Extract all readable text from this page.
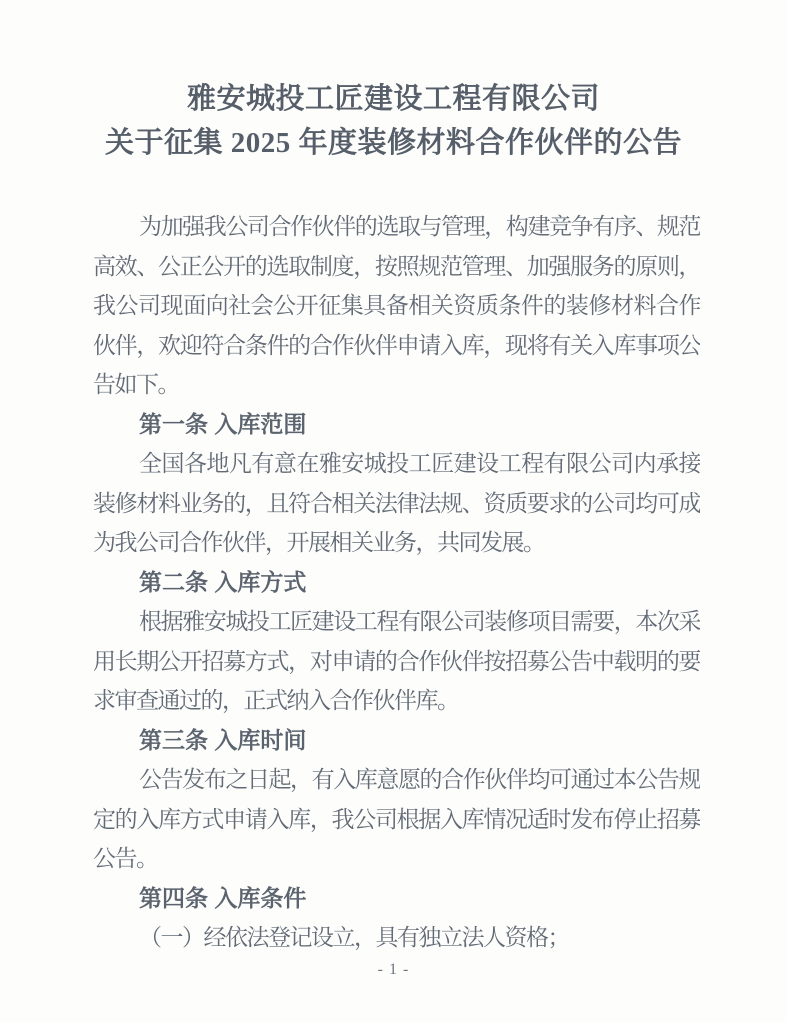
雅安城投工匠建设工程有限公司
关于征集 2025 年度装修材料合作伙伴的公告
为加强我公司合作伙伴的选取与管理，构建竞争有序、规范
高效、公正公开的选取制度，按照规范管理、加强服务的原则，
我公司现面向社会公开征集具备相关资质条件的装修材料合作
伙伴，欢迎符合条件的合作伙伴申请入库，现将有关入库事项公
告如下。
第一条 入库范围
全国各地凡有意在雅安城投工匠建设工程有限公司内承接
装修材料业务的，且符合相关法律法规、资质要求的公司均可成
为我公司合作伙伴，开展相关业务，共同发展。
第二条 入库方式
根据雅安城投工匠建设工程有限公司装修项目需要，本次采
用长期公开招募方式，对申请的合作伙伴按招募公告中载明的要
求审查通过的，正式纳入合作伙伴库。
第三条 入库时间
公告发布之日起，有入库意愿的合作伙伴均可通过本公告规
定的入库方式申请入库，我公司根据入库情况适时发布停止招募
公告。
第四条 入库条件
（一）经依法登记设立，具有独立法人资格；
- 1 -
